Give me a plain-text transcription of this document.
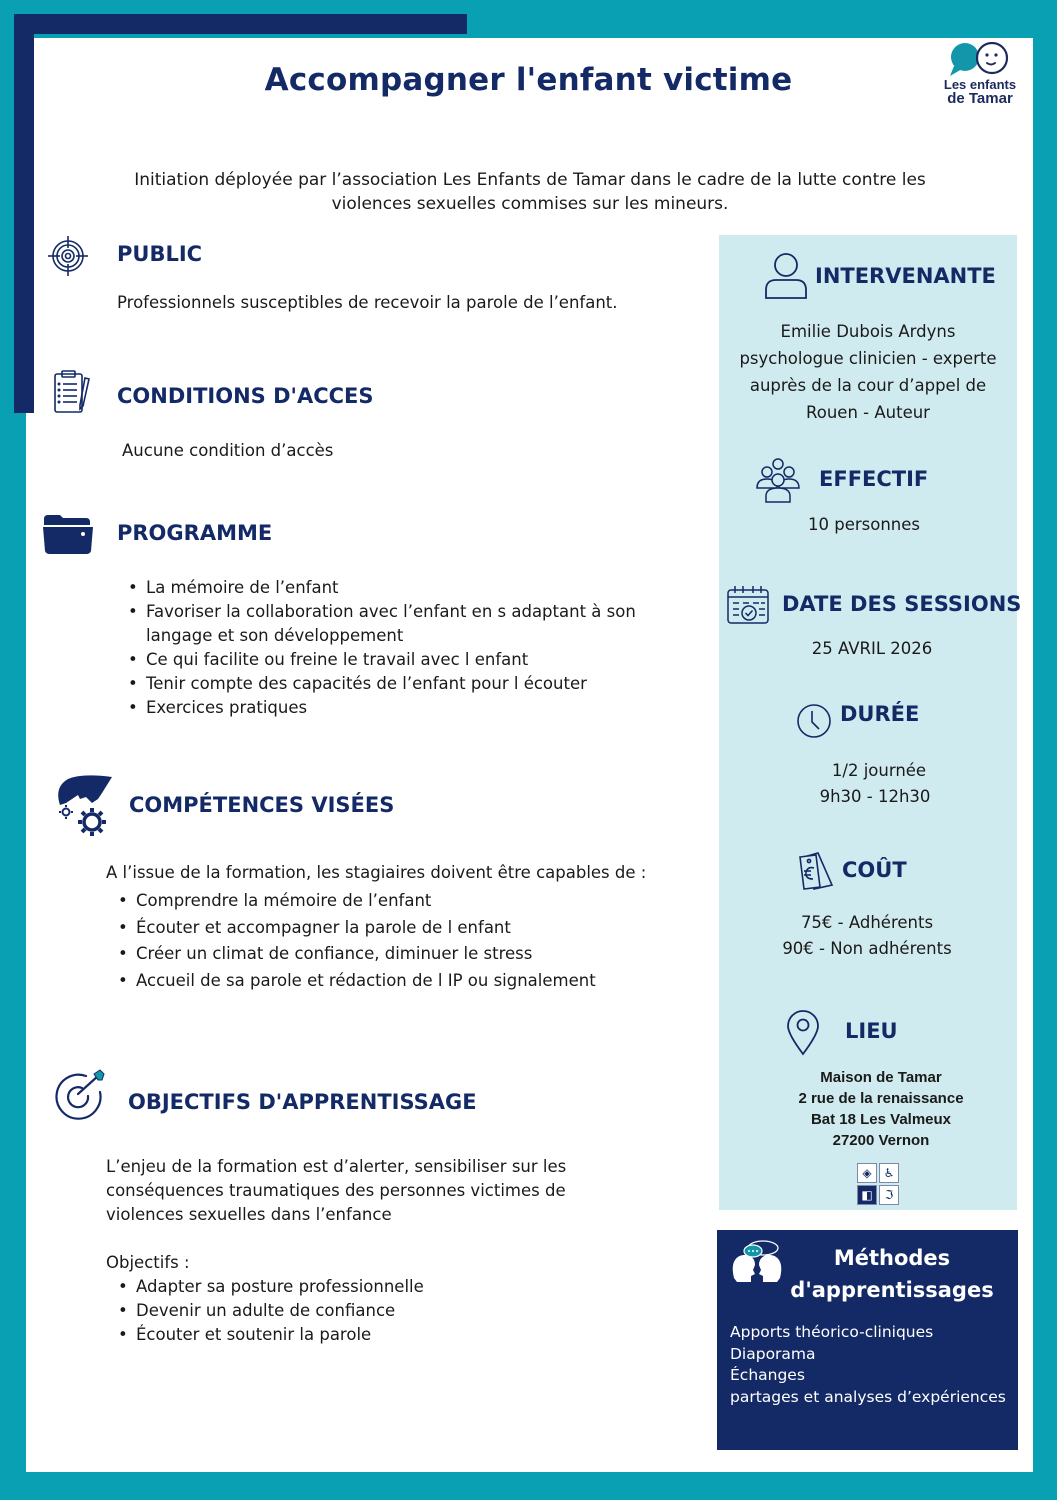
Accompagner l'enfant victime	Les enfants
de Tamar
Initiation déployée par l’association Les Enfants de Tamar dans le cadre de la lutte contre les
violences sexuelles commises sur les mineurs.
PUBLIC
Professionnels susceptibles de recevoir la parole de l’enfant.
CONDITIONS D'ACCES
Aucune condition d’accès
PROGRAMME
• La mémoire de l’enfant
• Favoriser la collaboration avec l’enfant en s adaptant à son langage et son développement
• Ce qui facilite ou freine le travail avec l enfant
• Tenir compte des capacités de l’enfant pour l écouter
• Exercices pratiques
COMPÉTENCES VISÉES
A l’issue de la formation, les stagiaires doivent être capables de :
• Comprendre la mémoire de l’enfant
• Écouter et accompagner la parole de l enfant
• Créer un climat de confiance, diminuer le stress
• Accueil de sa parole et rédaction de l IP ou signalement
OBJECTIFS D'APPRENTISSAGE
L’enjeu de la formation est d’alerter, sensibiliser sur les conséquences traumatiques des personnes victimes de violences sexuelles dans l’enfance
Objectifs :
• Adapter sa posture professionnelle
• Devenir un adulte de confiance
• Écouter et soutenir la parole
INTERVENANTE
Emilie Dubois Ardyns
psychologue clinicien - experte
auprès de la cour d’appel de
Rouen - Auteur
EFFECTIF
10 personnes
DATE DES SESSIONS
25 AVRIL 2026
DURÉE
1/2 journée
9h30 - 12h30
COÛT
75€ - Adhérents
90€ - Non adhérents
LIEU
Maison de Tamar
2 rue de la renaissance
Bat 18 Les Valmeux
27200 Vernon
◈	♿
◧	ℑ
Méthodes
d'apprentissages
Apports théorico-cliniques
Diaporama
Échanges
partages et analyses d’expériences
